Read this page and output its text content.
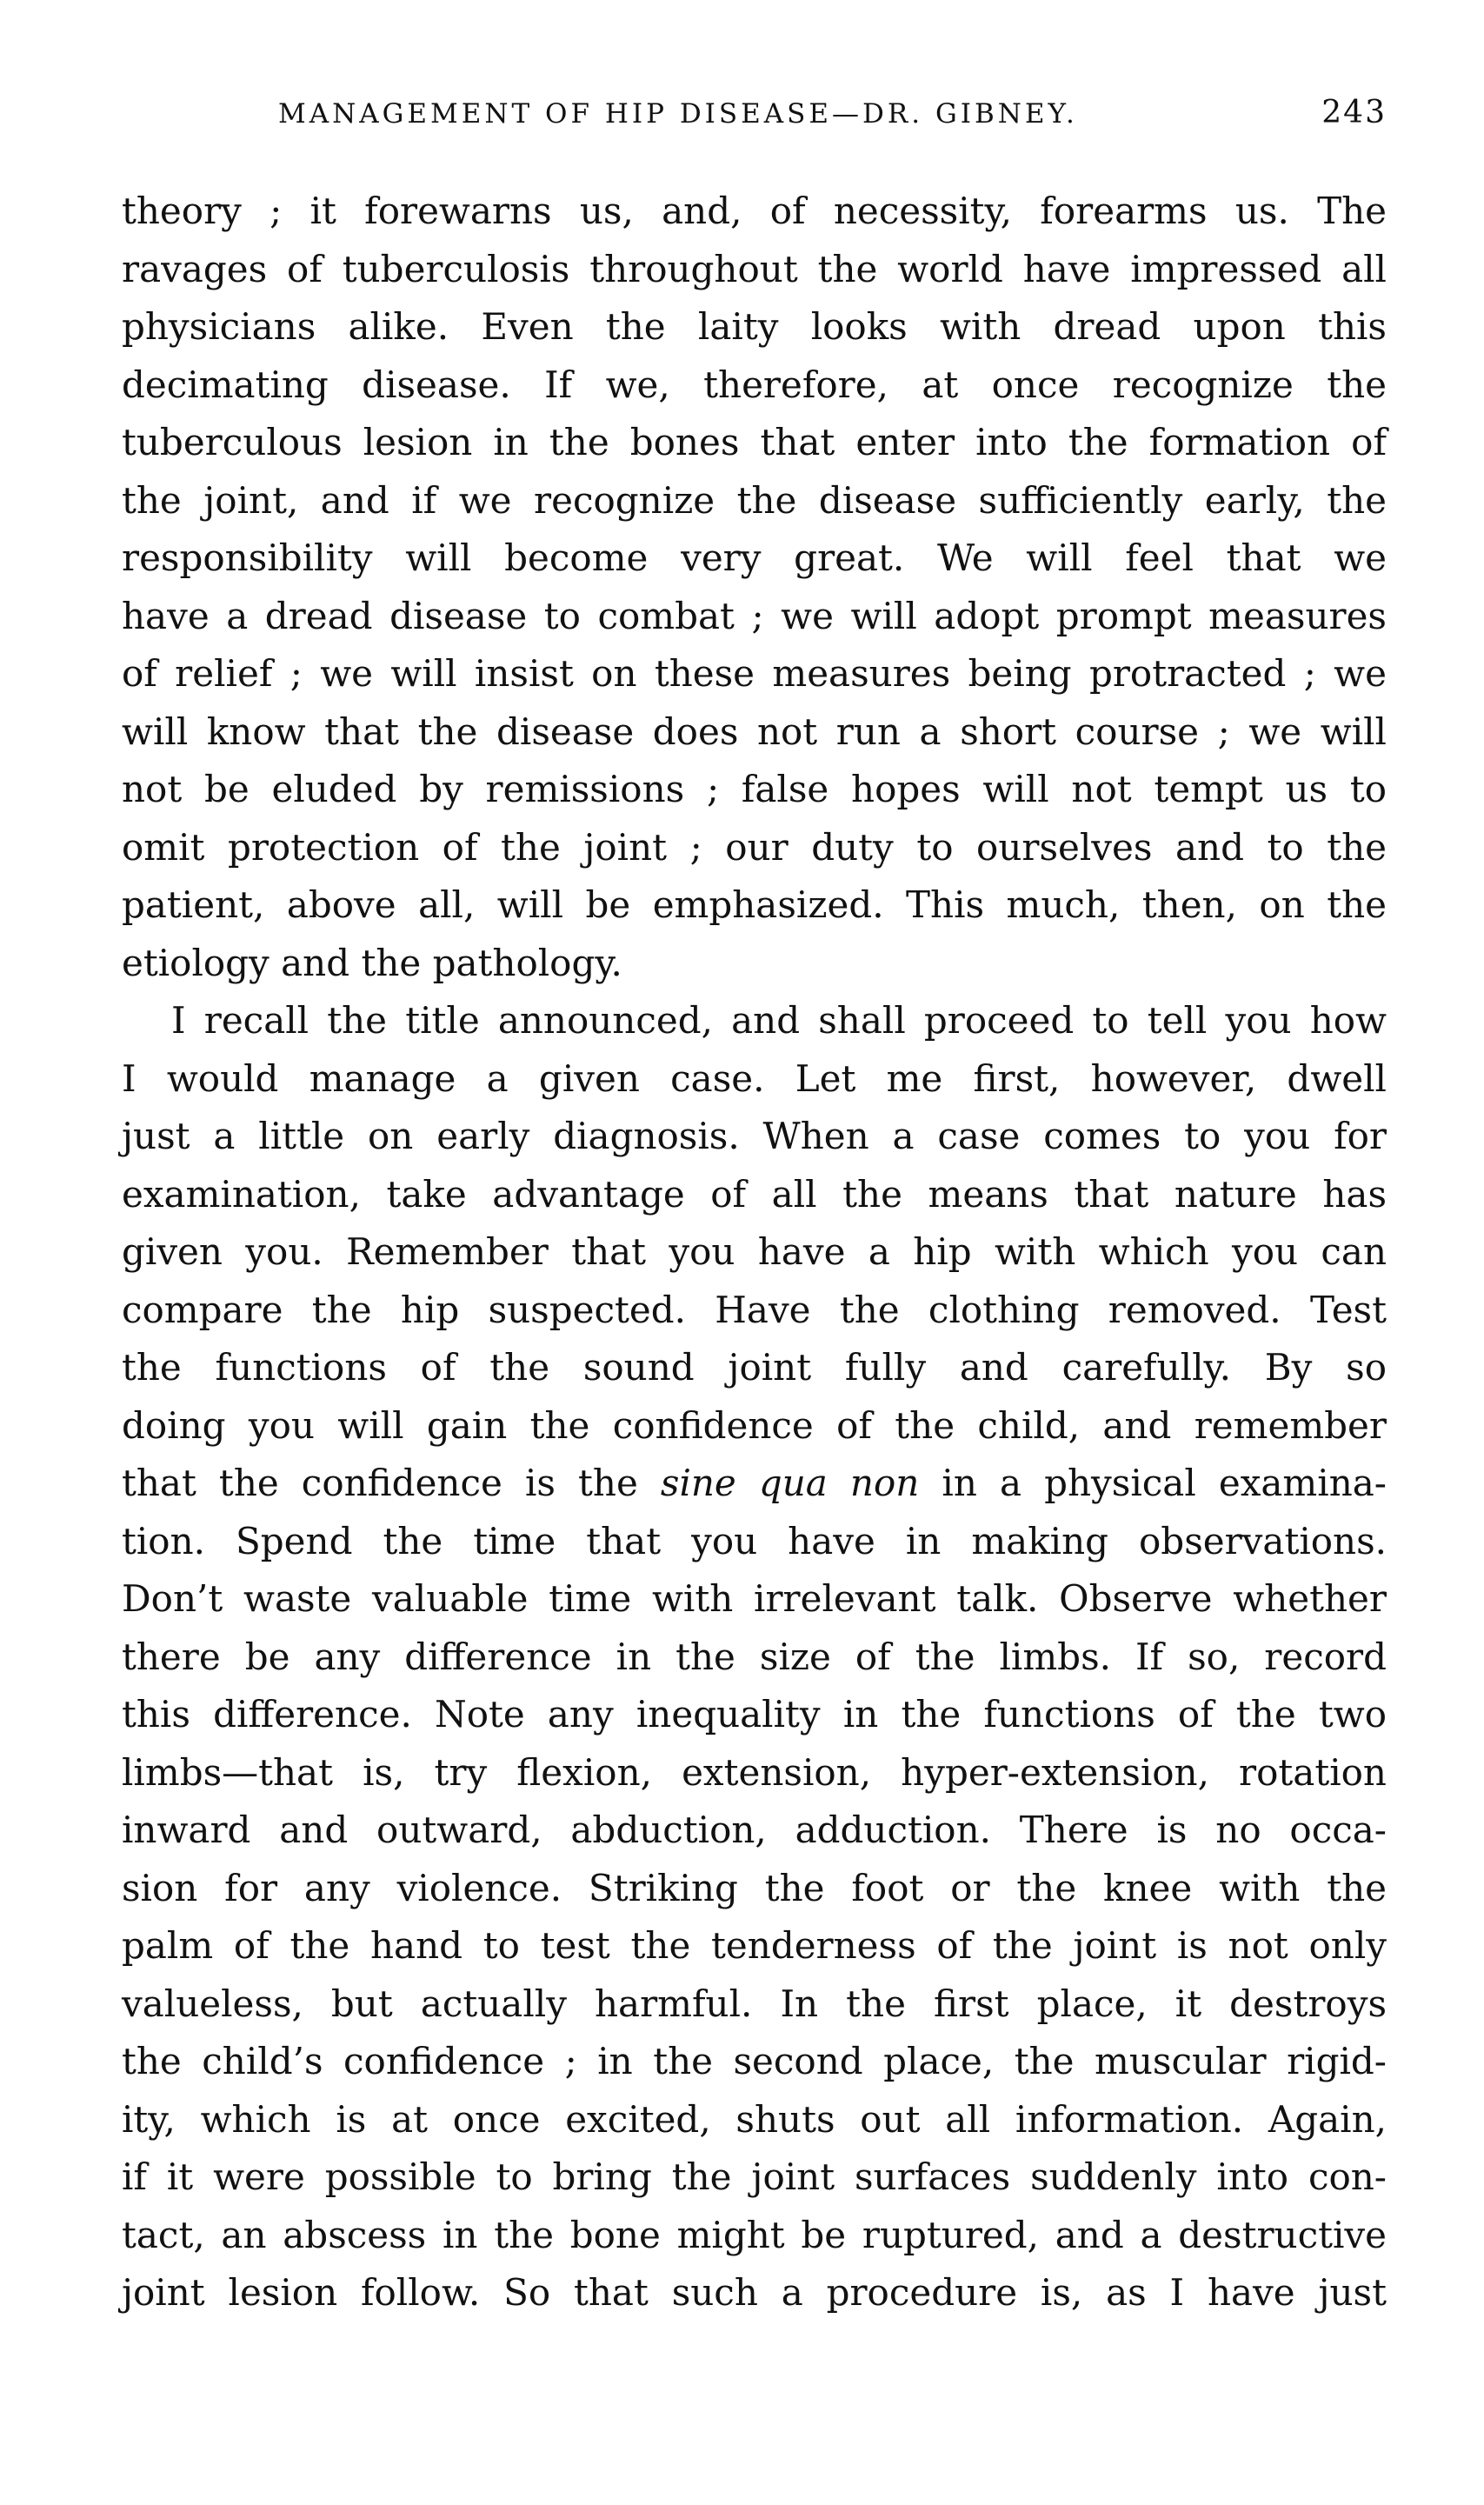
MANAGEMENT OF HIP DISEASE—DR. GIBNEY.	243

theory ; it forewarns us, and, of necessity, forearms us. The
ravages of tuberculosis throughout the world have impressed all
physicians alike. Even the laity looks with dread upon this
decimating disease. If we, therefore, at once recognize the
tuberculous lesion in the bones that enter into the formation of
the joint, and if we recognize the disease sufficiently early, the
responsibility will become very great. We will feel that we
have a dread disease to combat ; we will adopt prompt measures
of relief ; we will insist on these measures being protracted ; we
will know that the disease does not run a short course ; we will
not be eluded by remissions ; false hopes will not tempt us to
omit protection of the joint ; our duty to ourselves and to the
patient, above all, will be emphasized. This much, then, on the
etiology and the pathology.

I recall the title announced, and shall proceed to tell you how
I would manage a given case. Let me first, however, dwell
just a little on early diagnosis. When a case comes to you for
examination, take advantage of all the means that nature has
given you. Remember that you have a hip with which you can
compare the hip suspected. Have the clothing removed. Test
the functions of the sound joint fully and carefully. By so
doing you will gain the confidence of the child, and remember
that the confidence is the sine qua non in a physical examina-
tion. Spend the time that you have in making observations.
Don’t waste valuable time with irrelevant talk. Observe whether
there be any difference in the size of the limbs. If so, record
this difference. Note any inequality in the functions of the two
limbs—that is, try flexion, extension, hyper-extension, rotation
inward and outward, abduction, adduction. There is no occa-
sion for any violence. Striking the foot or the knee with the
palm of the hand to test the tenderness of the joint is not only
valueless, but actually harmful. In the first place, it destroys
the child’s confidence ; in the second place, the muscular rigid-
ity, which is at once excited, shuts out all information. Again,
if it were possible to bring the joint surfaces suddenly into con-
tact, an abscess in the bone might be ruptured, and a destructive
joint lesion follow. So that such a procedure is, as I have just
